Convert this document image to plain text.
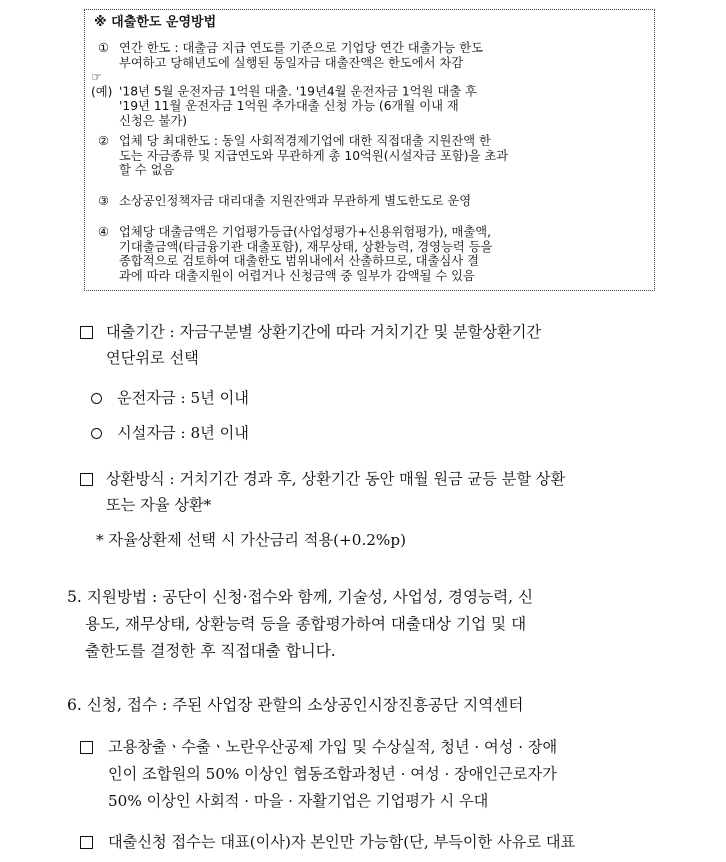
※ 대출한도 운영방법
① 연간 한도 : 대출금 지급 연도를 기준으로 기업당 연간 대출가능 한도
부여하고 당해년도에 실행된 동일자금 대출잔액은 한도에서 차감
☞(예) '18년 5월 운전자금 1억원 대출. '19년4월 운전자금 1억원 대출 후
'19년 11월 운전자금 1억원 추가대출 신청 가능 (6개월 이내 재
신청은 불가)
② 업체 당 최대한도 : 동일 사회적경제기업에 대한 직접대출 지원잔액 한
도는 자금종류 및 지급연도와 무관하게 총 10억원(시설자금 포함)을 초과
할 수 없음
③ 소상공인정책자금 대리대출 지원잔액과 무관하게 별도한도로 운영
④ 업체당 대출금액은 기업평가등급(사업성평가+신용위험평가), 매출액,
기대출금액(타금융기관 대출포함), 재무상태, 상환능력, 경영능력 등을
종합적으로 검토하여 대출한도 범위내에서 산출하므로, 대출심사 결
과에 따라 대출지원이 어렵거나 신청금액 중 일부가 감액될 수 있음
대출기간 : 자금구분별 상환기간에 따라 거치기간 및 분할상환기간
연단위로 선택
운전자금 : 5년 이내
시설자금 : 8년 이내
상환방식 : 거치기간 경과 후, 상환기간 동안 매월 원금 균등 분할 상환
또는 자율 상환*
* 자율상환제 선택 시 가산금리 적용(+0.2%p)
5. 지원방법 : 공단이 신청·접수와 함께, 기술성, 사업성, 경영능력, 신
용도, 재무상태, 상환능력 등을 종합평가하여 대출대상 기업 및 대
출한도를 결정한 후 직접대출 합니다.
6. 신청, 접수 : 주된 사업장 관할의 소상공인시장진흥공단 지역센터
고용창출ㆍ수출ㆍ노란우산공제 가입 및 수상실적, 청년 · 여성 · 장애
인이 조합원의 50% 이상인 협동조합과청년 · 여성 · 장애인근로자가
50% 이상인 사회적 · 마을 · 자활기업은 기업평가 시 우대
대출신청 접수는 대표(이사)자 본인만 가능함(단, 부득이한 사유로 대표
